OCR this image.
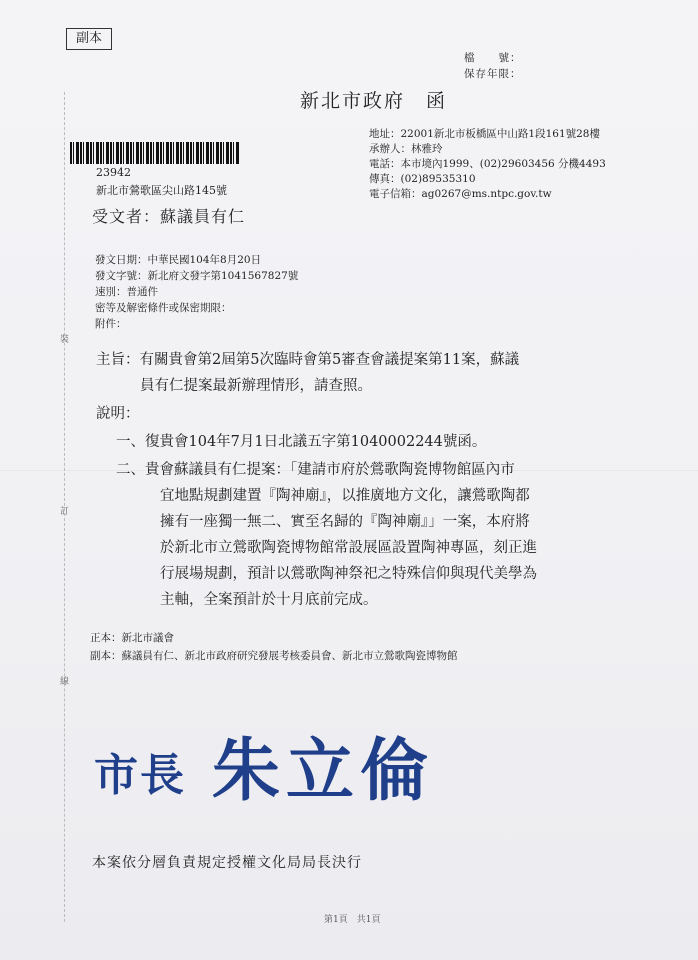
裝
訂
線
副本
檔　　號：
保存年限：
新北市政府　函
地址：22001新北市板橋區中山路1段161號28樓
承辦人：林雅玲
電話：本市境內1999、(02)29603456 分機4493
傳真：(02)89535310
電子信箱：ag0267@ms.ntpc.gov.tw
23942
新北市鶯歌區尖山路145號
受文者：蘇議員有仁
發文日期：中華民國104年8月20日
發文字號：新北府文發字第1041567827號
速別：普通件
密等及解密條件或保密期限：
附件：
主旨：有關貴會第2屆第5次臨時會第5審查會議提案第11案，蘇議
員有仁提案最新辦理情形，請查照。
說明：
一、復貴會104年7月1日北議五字第1040002244號函。
二、貴會蘇議員有仁提案：「建請市府於鶯歌陶瓷博物館區內市
宜地點規劃建置『陶神廟』，以推廣地方文化，讓鶯歌陶都
擁有一座獨一無二、實至名歸的『陶神廟』」一案，本府將
於新北市立鶯歌陶瓷博物館常設展區設置陶神專區，刻正進
行展場規劃，預計以鶯歌陶神祭祀之特殊信仰與現代美學為
主軸，全案預計於十月底前完成。
正本：新北市議會
副本：蘇議員有仁、新北市政府研究發展考核委員會、新北市立鶯歌陶瓷博物館
市長 朱立倫
本案依分層負責規定授權文化局局長決行
第1頁　共1頁
